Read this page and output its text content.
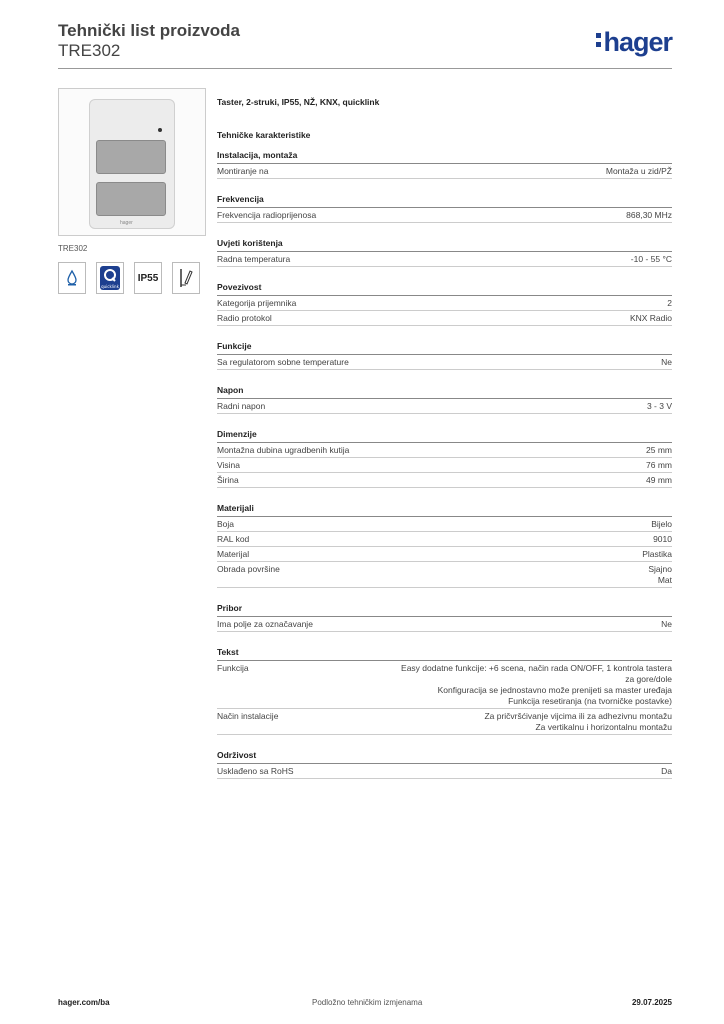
Tehnički list proizvoda
TRE302	hager
hager
TRE302
quicklink
IP55
Taster, 2-struki, IP55, NŽ, KNX, quicklink
Tehničke karakteristike
Instalacija, montaža
Montiranje na	Montaža u zid/PŽ
Frekvencija
Frekvencija radioprijenosa	868,30 MHz
Uvjeti korištenja
Radna temperatura	-10 - 55 °C
Povezivost
Kategorija prijemnika	2
Radio protokol	KNX Radio
Funkcije
Sa regulatorom sobne temperature	Ne
Napon
Radni napon	3 - 3 V
Dimenzije
Montažna dubina ugradbenih kutija	25 mm
Visina	76 mm
Širina	49 mm
Materijali
Boja	Bijelo
RAL kod	9010
Materijal	Plastika
Obrada površine	Sjajno
Mat
Pribor
Ima polje za označavanje	Ne
Tekst
Funkcija	Easy dodatne funkcije: +6 scena, način rada ON/OFF, 1 kontrola tastera
za gore/dole
Konfiguracija se jednostavno može prenijeti sa master uređaja
Funkcija resetiranja (na tvorničke postavke)
Način instalacije	Za pričvršćivanje vijcima ili za adhezivnu montažu
Za vertikalnu i horizontalnu montažu
Održivost
Usklađeno sa RoHS	Da
hager.com/ba	Podložno tehničkim izmjenama	29.07.2025
